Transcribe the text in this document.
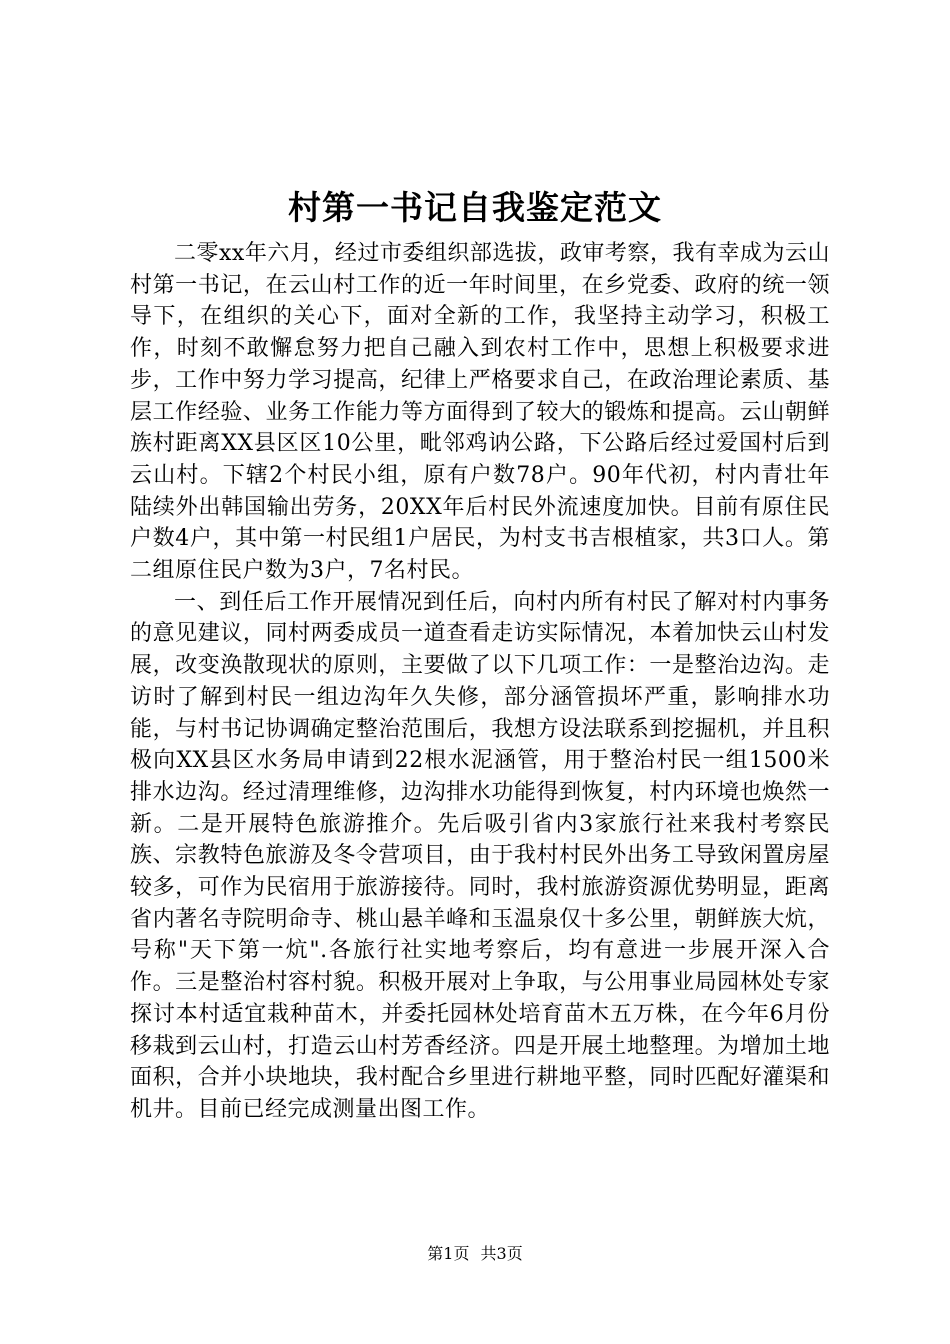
村第一书记自我鉴定范文

二零xx年六月，经过市委组织部选拔，政审考察，我有幸成为云山村第一书记，在云山村工作的近一年时间里，在乡党委、政府的统一领导下，在组织的关心下，面对全新的工作，我坚持主动学习，积极工作，时刻不敢懈怠努力把自己融入到农村工作中，思想上积极要求进步，工作中努力学习提高，纪律上严格要求自己，在政治理论素质、基层工作经验、业务工作能力等方面得到了较大的锻炼和提高。云山朝鲜族村距离XX县区区10公里，毗邻鸡讷公路，下公路后经过爱国村后到云山村。下辖2个村民小组，原有户数78户。90年代初，村内青壮年陆续外出韩国输出劳务，20XX年后村民外流速度加快。目前有原住民户数4户，其中第一村民组1户居民，为村支书吉根植家，共3口人。第二组原住民户数为3户，7名村民。

一、到任后工作开展情况到任后，向村内所有村民了解对村内事务的意见建议，同村两委成员一道查看走访实际情况，本着加快云山村发展，改变涣散现状的原则，主要做了以下几项工作：一是整治边沟。走访时了解到村民一组边沟年久失修，部分涵管损坏严重，影响排水功能，与村书记协调确定整治范围后，我想方设法联系到挖掘机，并且积极向XX县区水务局申请到22根水泥涵管，用于整治村民一组1500米排水边沟。经过清理维修，边沟排水功能得到恢复，村内环境也焕然一新。二是开展特色旅游推介。先后吸引省内3家旅行社来我村考察民族、宗教特色旅游及冬令营项目，由于我村村民外出务工导致闲置房屋较多，可作为民宿用于旅游接待。同时，我村旅游资源优势明显，距离省内著名寺院明命寺、桃山悬羊峰和玉温泉仅十多公里，朝鲜族大炕，号称"天下第一炕".各旅行社实地考察后，均有意进一步展开深入合作。三是整治村容村貌。积极开展对上争取，与公用事业局园林处专家探讨本村适宜栽种苗木，并委托园林处培育苗木五万株，在今年6月份移栽到云山村，打造云山村芳香经济。四是开展土地整理。为增加土地面积，合并小块地块，我村配合乡里进行耕地平整，同时匹配好灌渠和机井。目前已经完成测量出图工作。

第1页 共3页
